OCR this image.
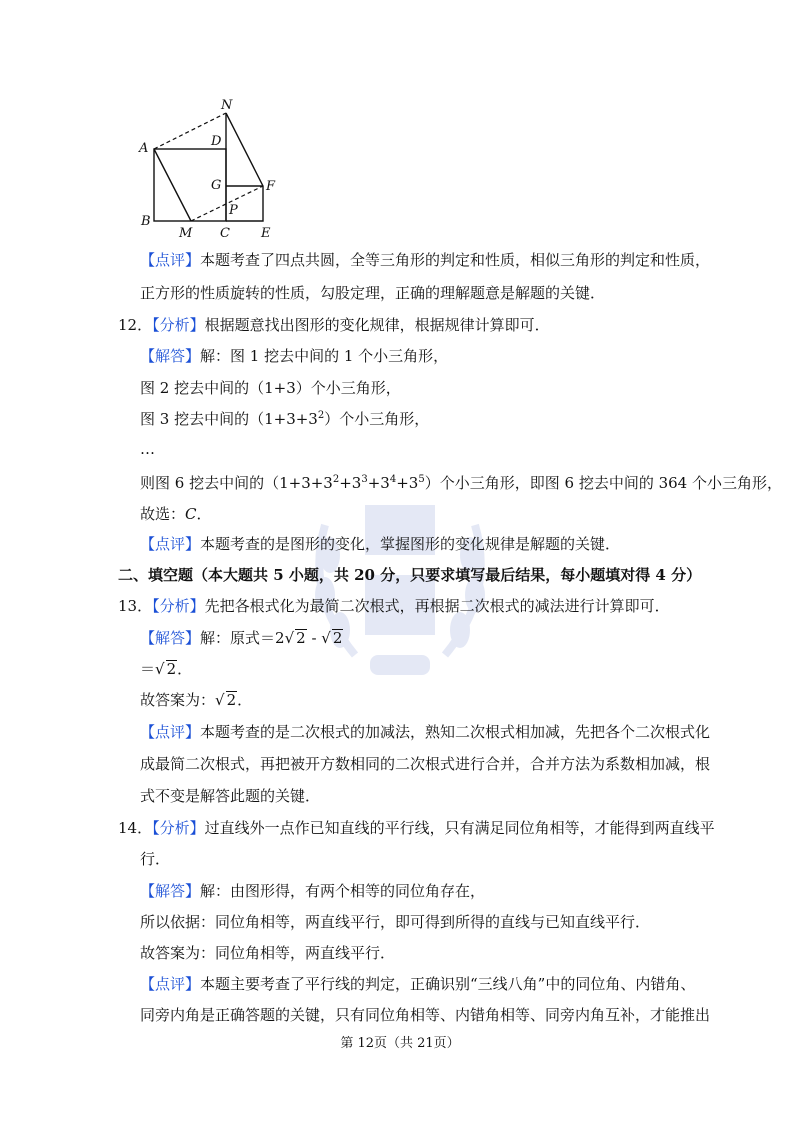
N
A	D
G	F
P
B
M C E
【点评】本题考查了四点共圆，全等三角形的判定和性质，相似三角形的判定和性质，
正方形的性质旋转的性质，勾股定理，正确的理解题意是解题的关键．
12．【分析】根据题意找出图形的变化规律，根据规律计算即可．
【解答】解：图 1 挖去中间的 1 个小三角形，
图 2 挖去中间的（1+3）个小三角形，
图 3 挖去中间的$(1+3+3^2)$个小三角形，
…
则图 6 挖去中间的$(1+3+3^2+3^3+3^4+3^5)$个小三角形，即图 6 挖去中间的 364 个小三角形，
故选：C．
【点评】本题考查的是图形的变化，掌握图形的变化规律是解题的关键．
二、填空题（本大题共 5 小题，共 20 分，只要求填写最后结果，每小题填对得 4 分）
13．【分析】先把各根式化为最简二次根式，再根据二次根式的减法进行计算即可．
【解答】解：原式＝2√ 2 - √ 2
＝√ 2．
故答案为：√ 2．
【点评】本题考查的是二次根式的加减法，熟知二次根式相加减，先把各个二次根式化
成最简二次根式，再把被开方数相同的二次根式进行合并，合并方法为系数相加减，根
式不变是解答此题的关键．
14．【分析】过直线外一点作已知直线的平行线，只有满足同位角相等，才能得到两直线平
行．
【解答】解：由图形得，有两个相等的同位角存在，
所以依据：同位角相等，两直线平行，即可得到所得的直线与已知直线平行．
故答案为：同位角相等，两直线平行．
【点评】本题主要考查了平行线的判定，正确识别“三线八角”中的同位角、内错角、
同旁内角是正确答题的关键，只有同位角相等、内错角相等、同旁内角互补，才能推出
第 12页（共 21页）
